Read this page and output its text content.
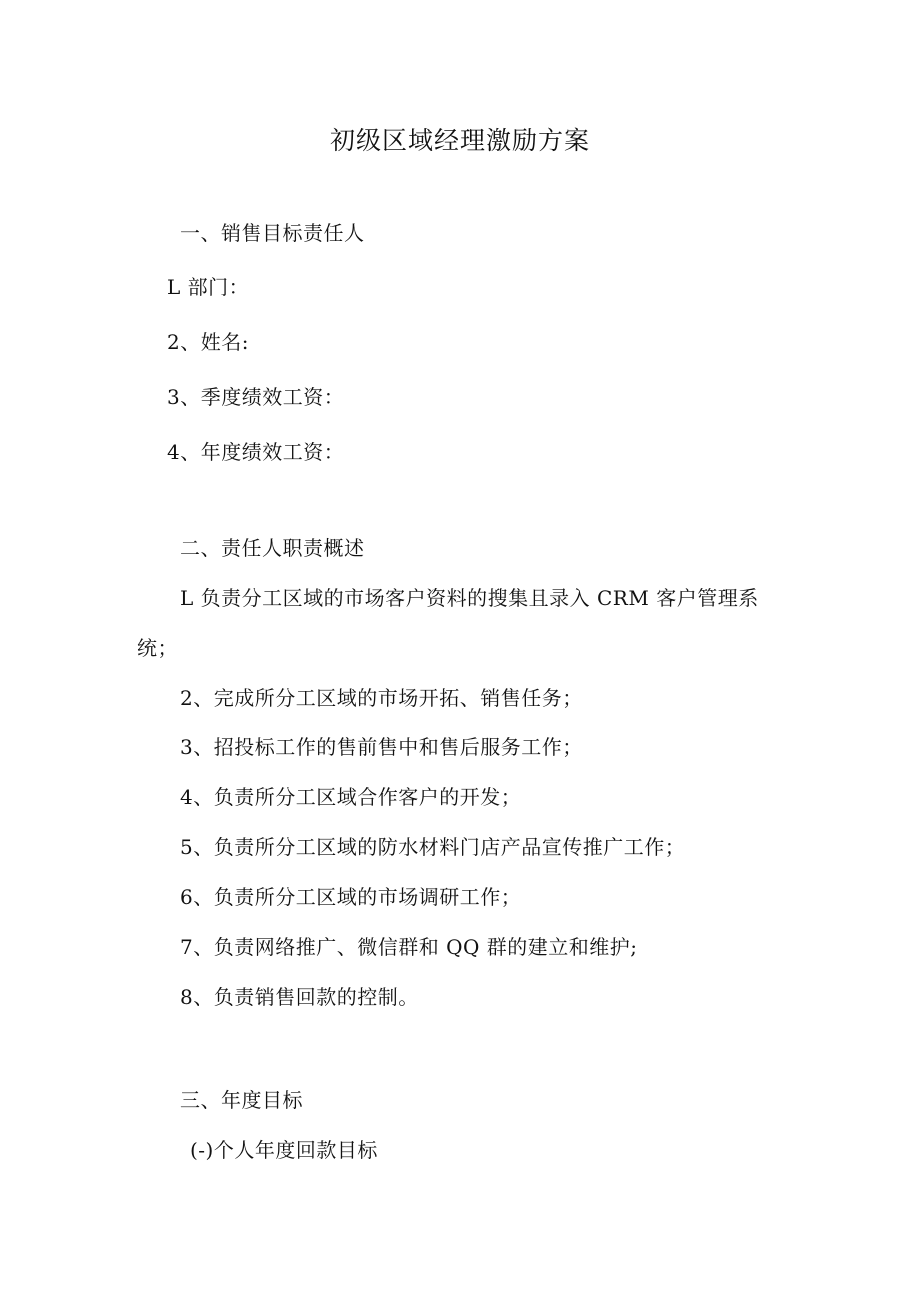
初级区域经理激励方案
一、销售目标责任人
L 部门：
2、姓名:
3、季度绩效工资：
4、年度绩效工资：
二、责任人职责概述
L 负责分工区域的市场客户资料的搜集且录入 CRM 客户管理系
统；
2、完成所分工区域的市场开拓、销售任务；
3、招投标工作的售前售中和售后服务工作；
4、负责所分工区域合作客户的开发；
5、负责所分工区域的防水材料门店产品宣传推广工作；
6、负责所分工区域的市场调研工作；
7、负责网络推广、微信群和 QQ 群的建立和维护;
8、负责销售回款的控制。
三、年度目标
(-)个人年度回款目标
